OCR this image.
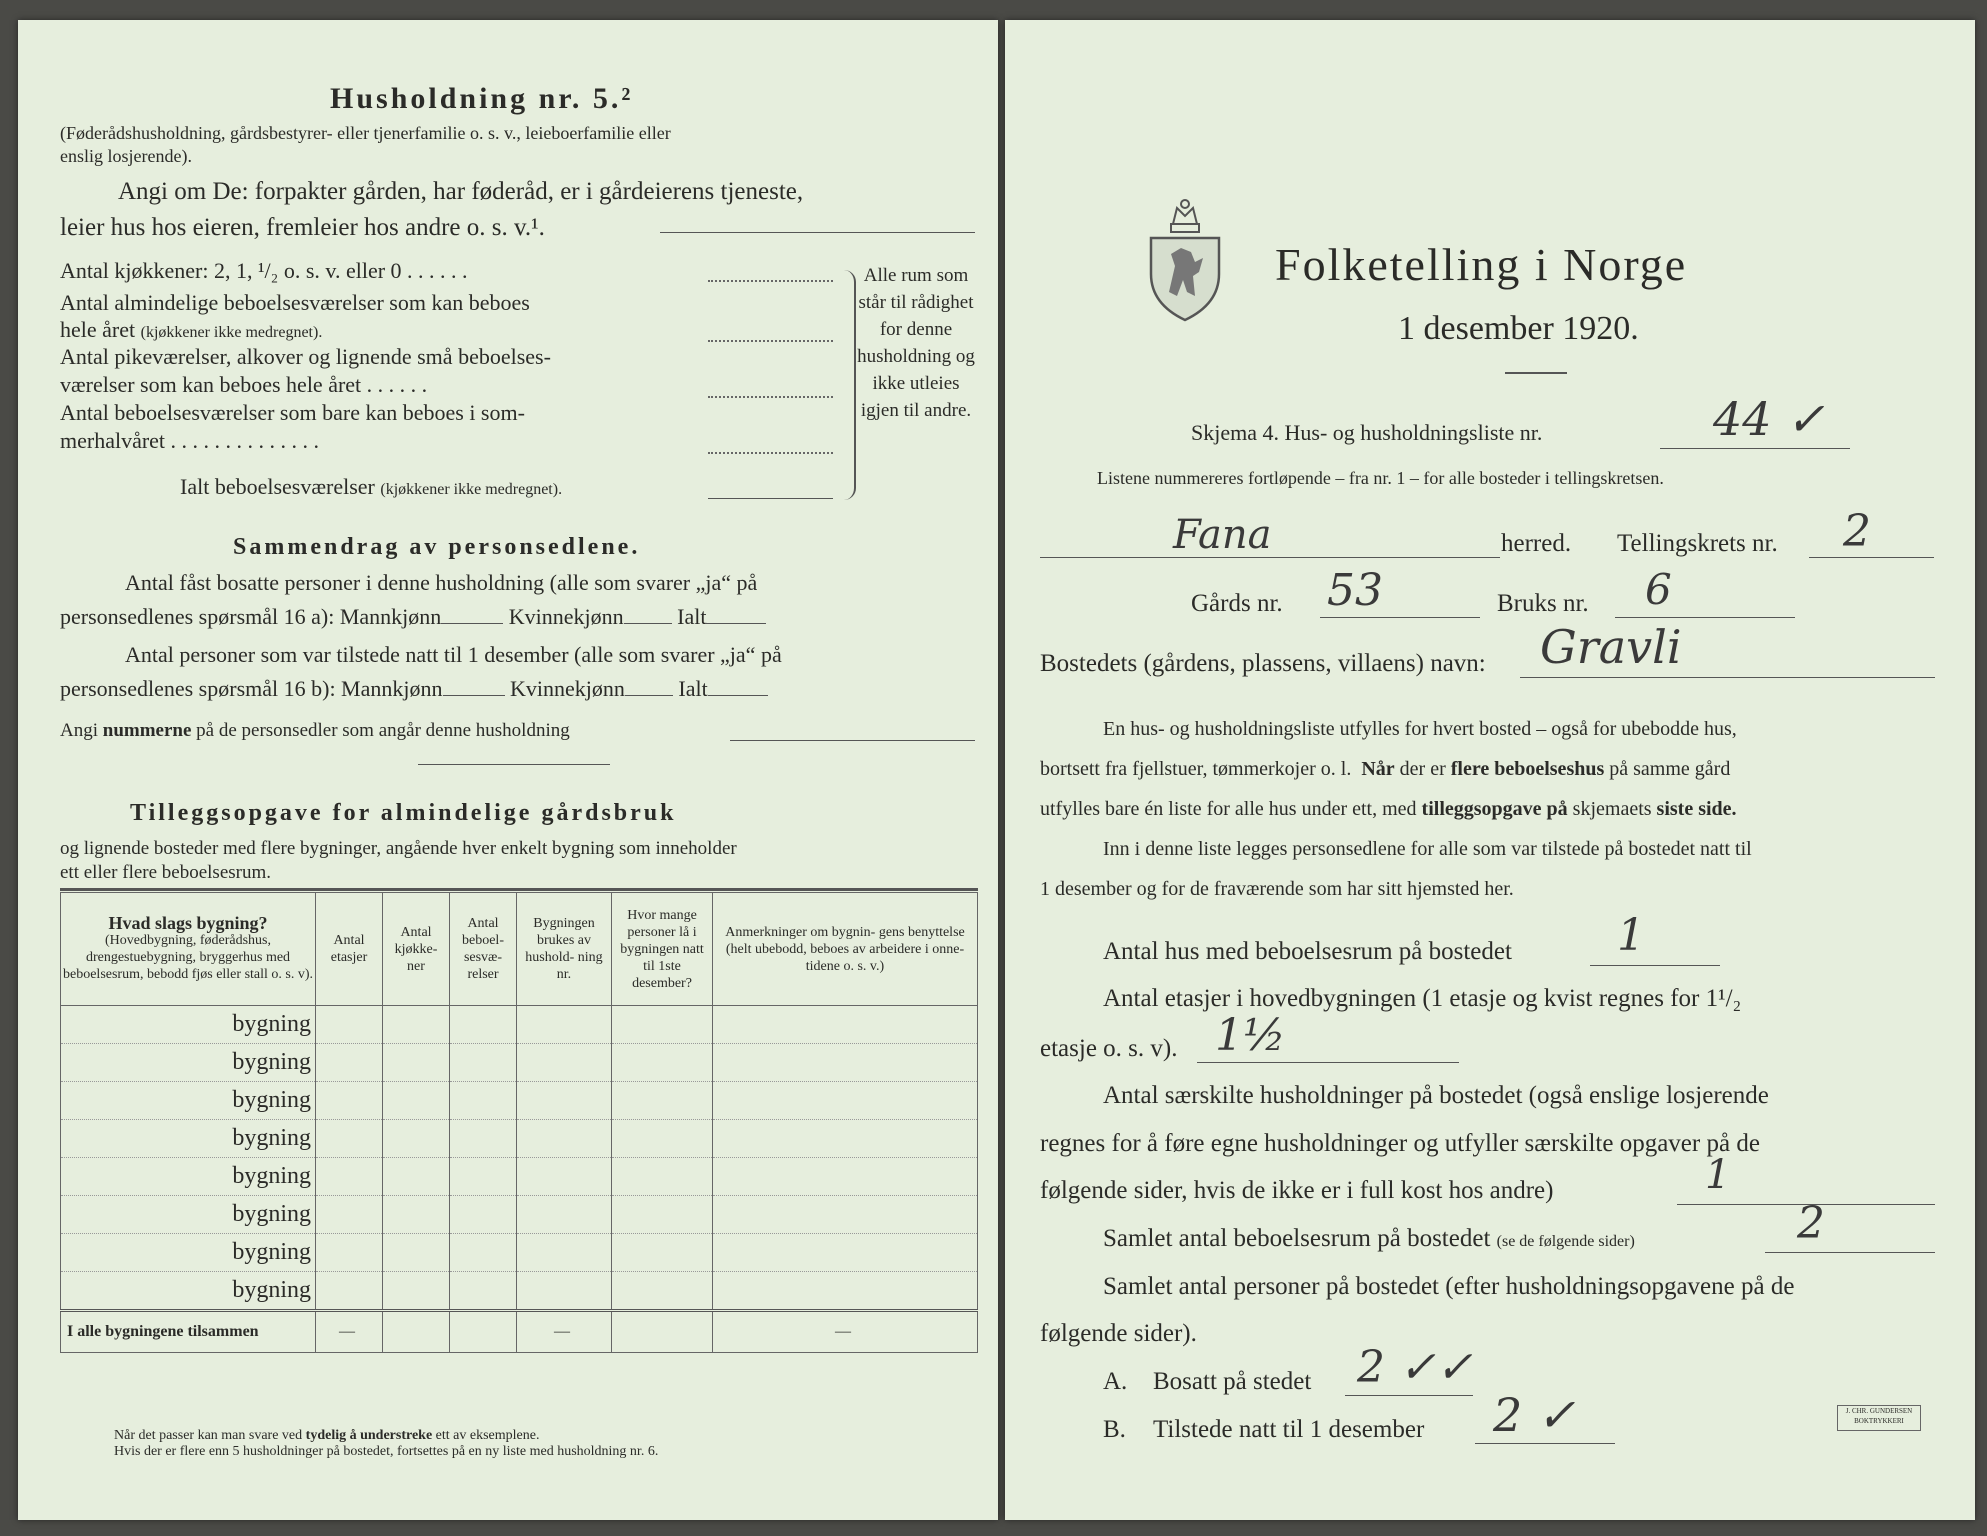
Husholdning nr. 5.²
(Føderådshusholdning, gårdsbestyrer- eller tjenerfamilie o. s. v., leieboerfamilie eller
enslig losjerende).
Angi om De: forpakter gården, har føderåd, er i gårdeierens tjeneste,
leier hus hos eieren, fremleier hos andre o. s. v.¹.
Antal kjøkkener: 2, 1, ¹/₂ o. s. v. eller 0 . . . . . .
Antal almindelige beboelsesværelser som kan beboes
hele året (kjøkkener ikke medregnet).
Antal pikeværelser, alkover og lignende små beboelses-
værelser som kan beboes hele året . . . . . .
Antal beboelsesværelser som bare kan beboes i som-
merhalvåret . . . . . . . . . . . . . .
Ialt beboelsesværelser (kjøkkener ikke medregnet).
Alle rum som står til rådighet for denne husholdning og ikke utleies igjen til andre.
Sammendrag av personsedlene.
Antal fåst bosatte personer i denne husholdning (alle som svarer „ja“ på
personsedlenes spørsmål 16 a): Mannkjønn	Kvinnekjønn Ialt
Antal personer som var tilstede natt til 1 desember (alle som svarer „ja“ på
personsedlenes spørsmål 16 b): Mannkjønn	Kvinnekjønn Ialt
Angi nummerne på de personsedler som angår denne husholdning
Tilleggsopgave for almindelige gårdsbruk
og lignende bosteder med flere bygninger, angående hver enkelt bygning som inneholder
ett eller flere beboelsesrum.
Hvad slags bygning?
(Hovedbygning, føderådshus, drengestuebygning, bryggerhus med beboelsesrum, bebodd fjøs eller stall o. s. v).	Antal etasjer	Antal kjøkke- ner	Antal beboel- sesvæ- relser	Bygningen brukes av hushold- ning nr.	Hvor mange personer lå i bygningen natt til 1ste desember?	Anmerkninger om bygnin- gens benyttelse (helt ubebodd, beboes av arbeidere i onne- tidene o. s. v.)
bygning						
bygning						
bygning						
bygning						
bygning						
bygning						
bygning						
bygning						
I alle bygningene tilsammen	—			—		—
Når det passer kan man svare ved tydelig å understreke ett av eksemplene.
Hvis der er flere enn 5 husholdninger på bostedet, fortsettes på en ny liste med husholdning nr. 6.
Folketelling i Norge
1 desember 1920.
Skjema 4. Hus- og husholdningsliste nr.	44 ✓
Listene nummereres fortløpende – fra nr. 1 – for alle bosteder i tellingskretsen.
Fana	herred. Tellingskrets nr. 2
Gårds nr. 53	Bruks nr. 6
Bostedets (gårdens, plassens, villaens) navn: Gravli
En hus- og husholdningsliste utfylles for hvert bosted – også for ubebodde hus,
bortsett fra fjellstuer, tømmerkojer o. l. Når der er flere beboelseshus på samme gård
utfylles bare én liste for alle hus under ett, med tilleggsopgave på skjemaets siste side.
Inn i denne liste legges personsedlene for alle som var tilstede på bostedet natt til
1 desember og for de fraværende som har sitt hjemsted her.
Antal hus med beboelsesrum på bostedet 1
Antal etasjer i hovedbygningen (1 etasje og kvist regnes for 1¹/₂
etasje o. s. v). 1½
Antal særskilte husholdninger på bostedet (også enslige losjerende
regnes for å føre egne husholdninger og utfyller særskilte opgaver på de
følgende sider, hvis de ikke er i full kost hos andre)	1
Samlet antal beboelsesrum på bostedet (se de følgende sider)	2
Samlet antal personer på bostedet (efter husholdningsopgavene på de
følgende sider).
A. Bosatt på stedet 2 ✓✓
B. Tilstede natt til 1 desember 2 ✓	J. CHR. GUNDERSEN BOKTRYKKERI
